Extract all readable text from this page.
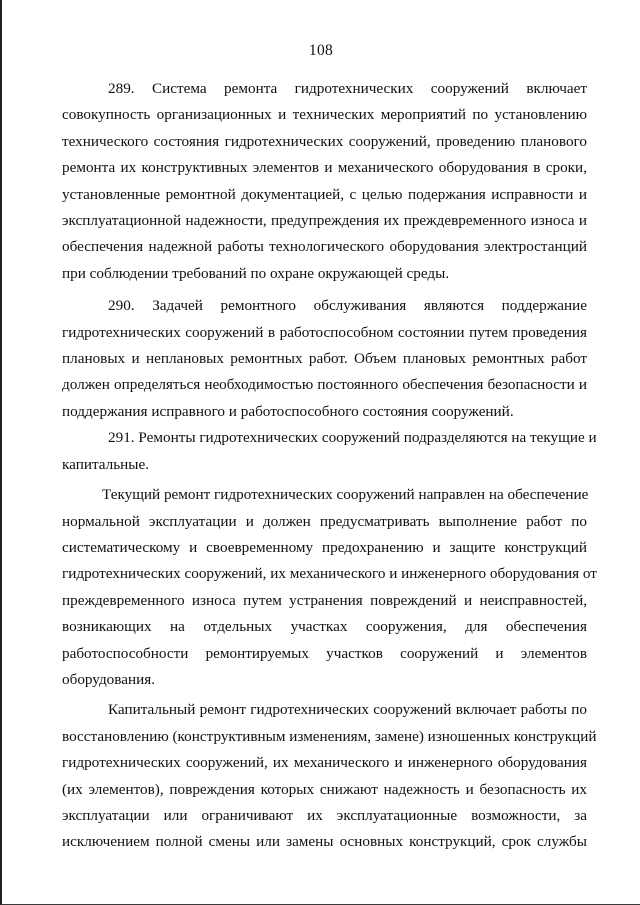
108

289. Система ремонта гидротехнических сооружений включает
совокупность организационных и технических мероприятий по установлению
технического состояния гидротехнических сооружений, проведению планового
ремонта их конструктивных элементов и механического оборудования в сроки,
установленные ремонтной документацией, с целью подержания исправности и
эксплуатационной надежности, предупреждения их преждевременного износа и
обеспечения надежной работы технологического оборудования электростанций
при соблюдении требований по охране окружающей среды.

290. Задачей ремонтного обслуживания являются поддержание
гидротехнических сооружений в работоспособном состоянии путем проведения
плановых и неплановых ремонтных работ. Объем плановых ремонтных работ
должен определяться необходимостью постоянного обеспечения безопасности и
поддержания исправного и работоспособного состояния сооружений.

291. Ремонты гидротехнических сооружений подразделяются на текущие и
капитальные.

Текущий ремонт гидротехнических сооружений направлен на обеспечение
нормальной эксплуатации и должен предусматривать выполнение работ по
систематическому и своевременному предохранению и защите конструкций
гидротехнических сооружений, их механического и инженерного оборудования от
преждевременного износа путем устранения повреждений и неисправностей,
возникающих на отдельных участках сооружения, для обеспечения
работоспособности ремонтируемых участков сооружений и элементов
оборудования.

Капитальный ремонт гидротехнических сооружений включает работы по
восстановлению (конструктивным изменениям, замене) изношенных конструкций
гидротехнических сооружений, их механического и инженерного оборудования
(их элементов), повреждения которых снижают надежность и безопасность их
эксплуатации или ограничивают их эксплуатационные возможности, за
исключением полной смены или замены основных конструкций, срок службы
